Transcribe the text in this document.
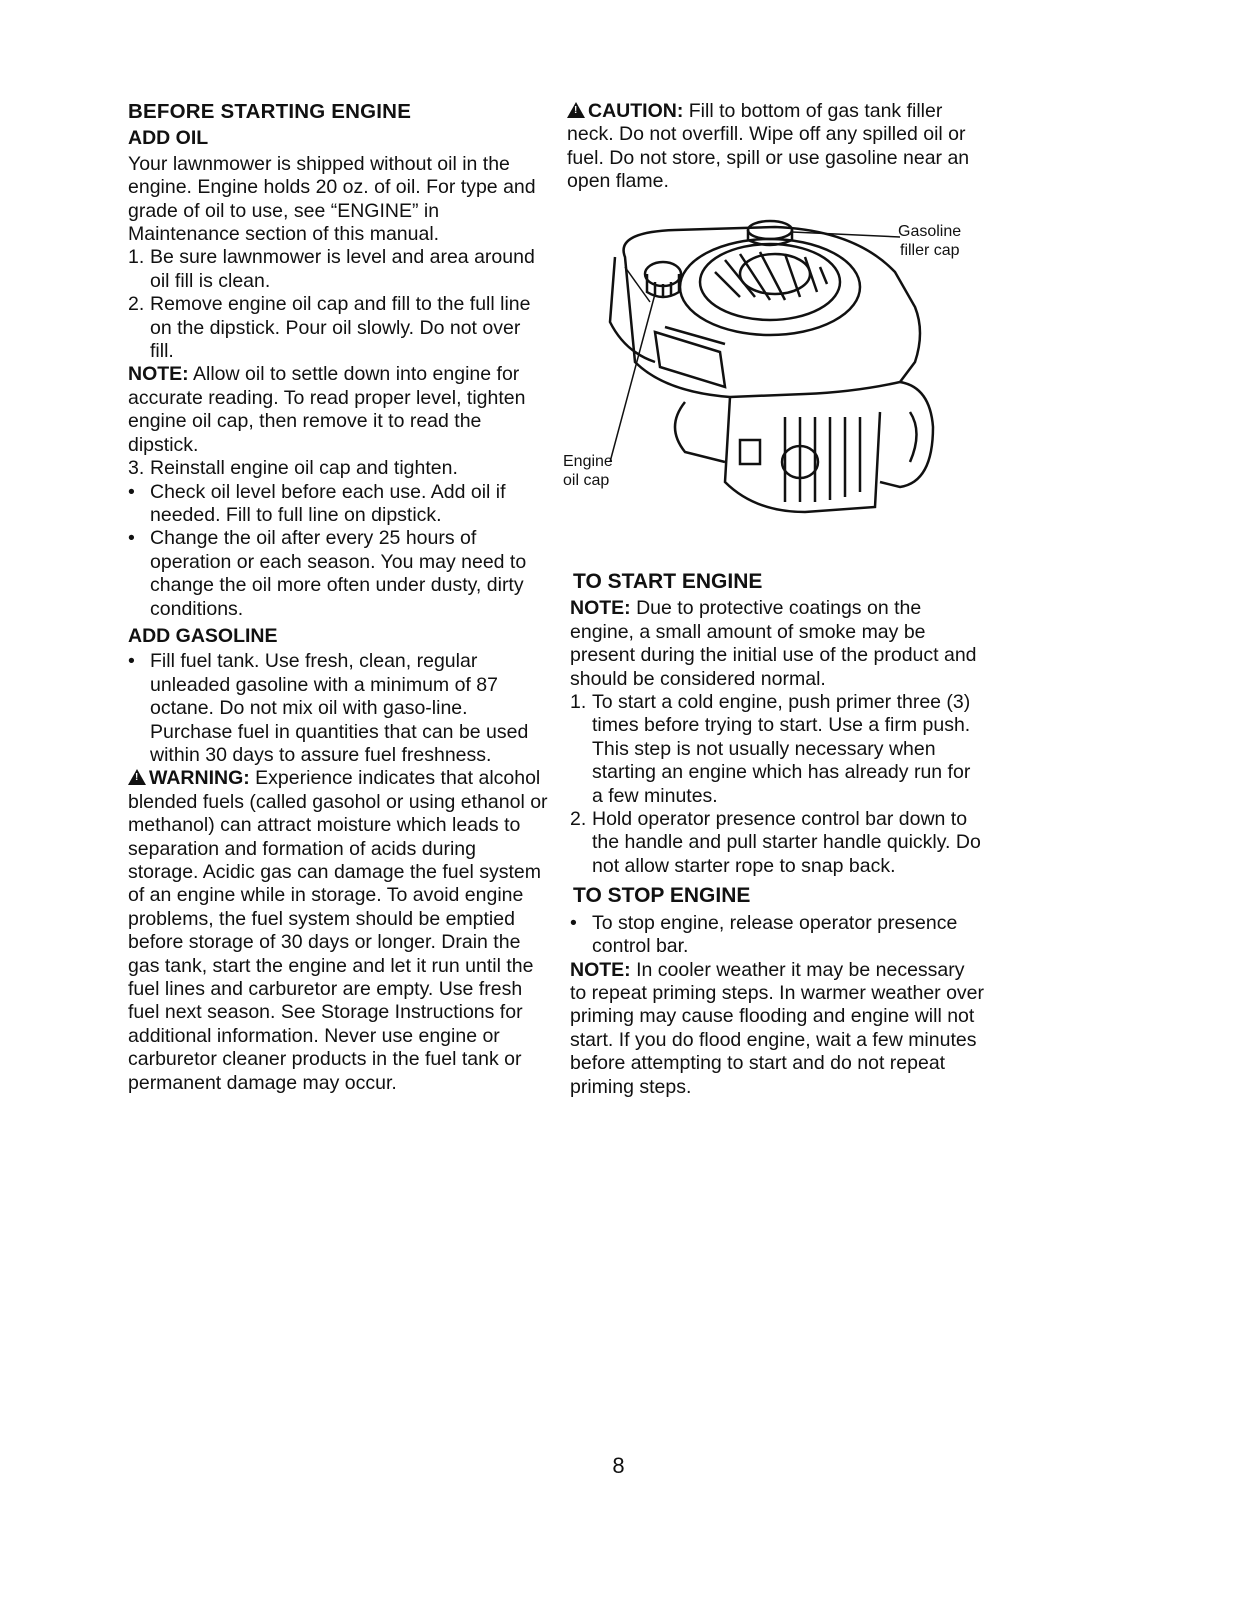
BEFORE STARTING ENGINE
ADD OIL

Your lawnmower is shipped without oil in the engine. Engine holds 20 oz. of oil. For type and grade of oil to use, see “ENGINE” in Maintenance section of this manual.

1. Be sure lawnmower is level and area around oil fill is clean.
2. Remove engine oil cap and fill to the full line on the dipstick. Pour oil slowly. Do not over fill.

NOTE: Allow oil to settle down into engine for accurate reading. To read proper level, tighten engine oil cap, then remove it to read the dipstick.

3. Reinstall engine oil cap and tighten.
• Check oil level before each use. Add oil if needed. Fill to full line on dipstick.
• Change the oil after every 25 hours of operation or each season. You may need to change the oil more often under dusty, dirty conditions.
ADD GASOLINE
• Fill fuel tank. Use fresh, clean, regular unleaded gasoline with a minimum of 87 octane. Do not mix oil with gaso-line. Purchase fuel in quantities that can be used within 30 days to assure fuel freshness.

!WARNING: Experience indicates that alcohol blended fuels (called gasohol or using ethanol or methanol) can attract moisture which leads to separation and formation of acids during storage. Acidic gas can damage the fuel system of an engine while in storage. To avoid engine problems, the fuel system should be emptied before storage of 30 days or longer. Drain the gas tank, start the engine and let it run until the fuel lines and carburetor are empty. Use fresh fuel next season. See Storage Instructions for additional information. Never use engine or carburetor cleaner products in the fuel tank or permanent damage may occur.

!CAUTION: Fill to bottom of gas tank filler neck. Do not overfill. Wipe off any spilled oil or fuel. Do not store, spill or use gasoline near an open flame.

Gasoline
filler cap
Engine
oil cap
TO START ENGINE

NOTE: Due to protective coatings on the engine, a small amount of smoke may be present during the initial use of the product and should be considered normal.

1. To start a cold engine, push primer three (3) times before trying to start. Use a firm push. This step is not usually necessary when starting an engine which has already run for a few minutes.
2. Hold operator presence control bar down to the handle and pull starter handle quickly. Do not allow starter rope to snap back.
TO STOP ENGINE
• To stop engine, release operator presence control bar.

NOTE: In cooler weather it may be necessary to repeat priming steps. In warmer weather over priming may cause flooding and engine will not start. If you do flood engine, wait a few minutes before attempting to start and do not repeat priming steps.

8
